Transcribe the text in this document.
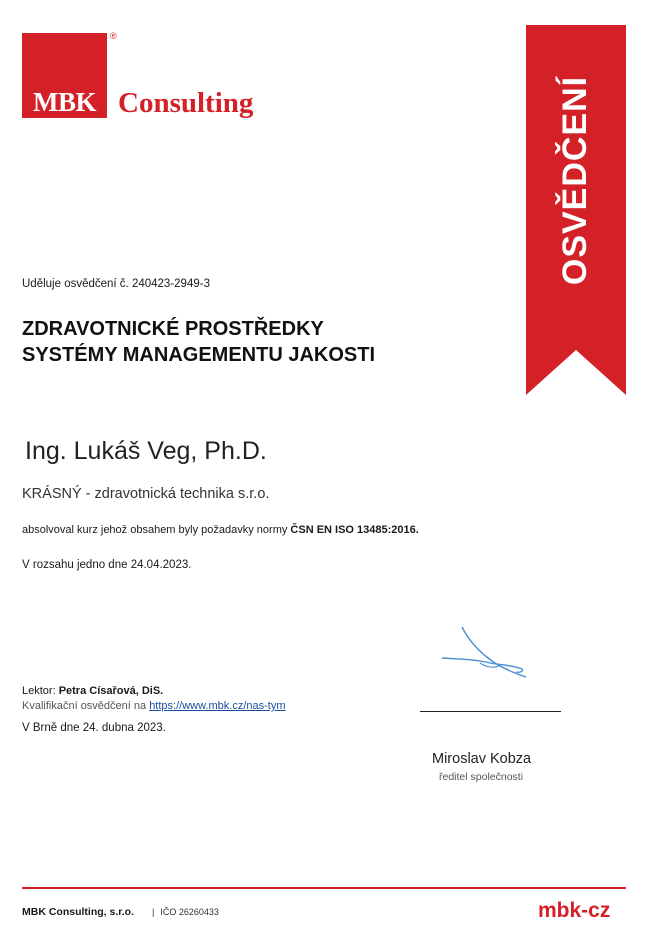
MBK Consulting
®
OSVĚDČENÍ
Uděluje osvědčení č. 240423-2949-3
ZDRAVOTNICKÉ PROSTŘEDKY
SYSTÉMY MANAGEMENTU JAKOSTI
Ing. Lukáš Veg, Ph.D.
KRÁSNÝ - zdravotnická technika s.r.o.
absolvoval kurz jehož obsahem byly požadavky normy ČSN EN ISO 13485:2016.
V rozsahu jedno dne 24.04.2023.
Lektor: Petra Císařová, DiS.
Kvalifikační osvědčení na https://www.mbk.cz/nas-tym
V Brně dne 24. dubna 2023.
Miroslav Kobza
ředitel společnosti
MBK Consulting, s.r.o. | IČO 26260433	mbk-cz
